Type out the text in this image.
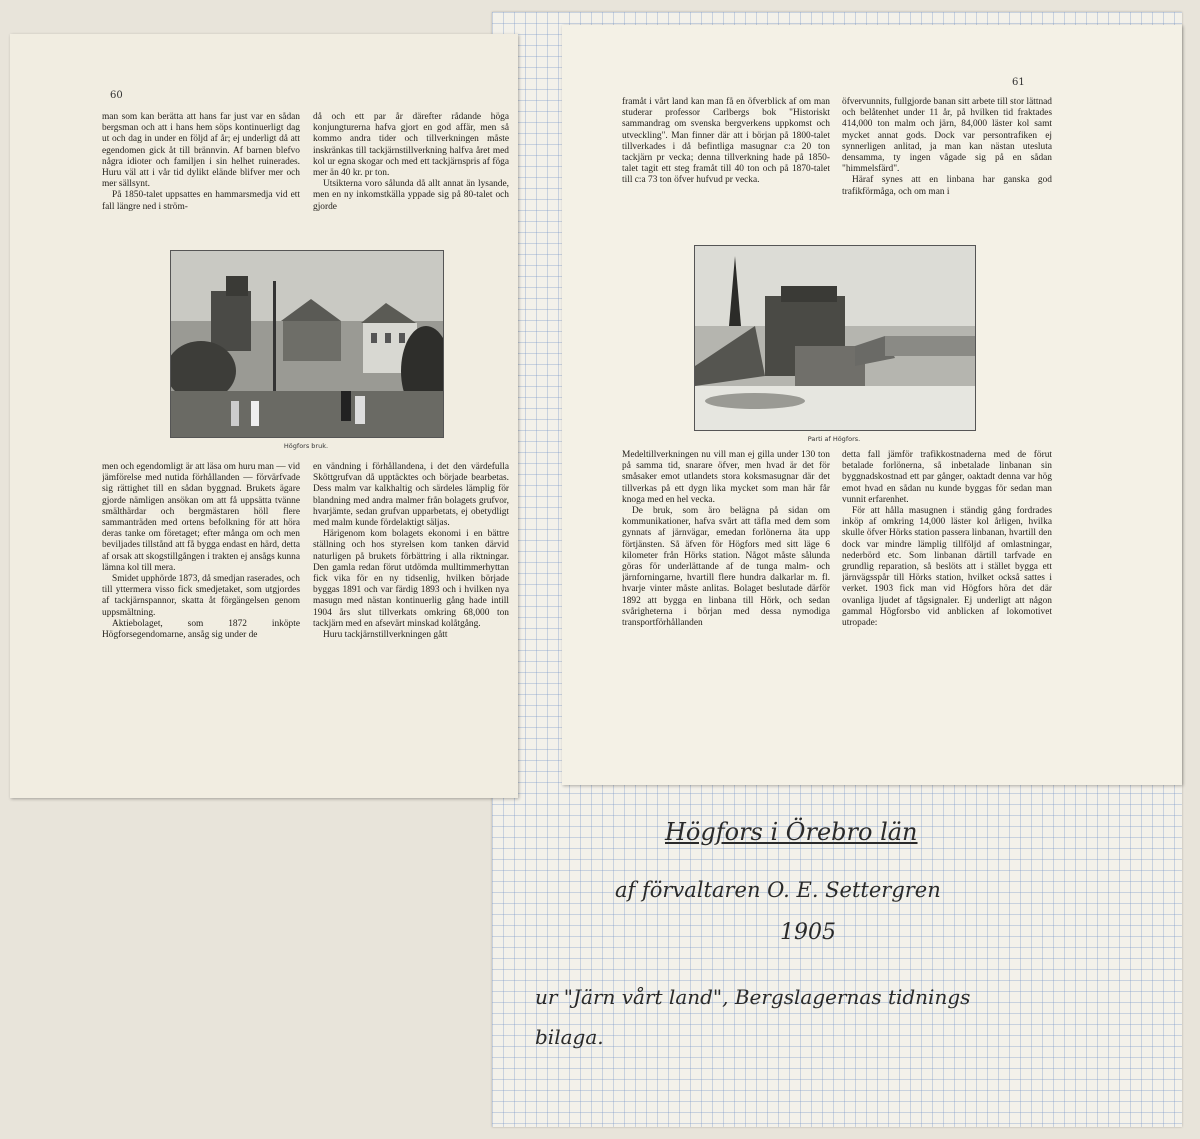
60

man som kan berätta att hans far just var en sådan bergsman och att i hans hem söps kontinuerligt dag ut och dag in under en följd af år; ej underligt då att egendomen gick åt till brännvin. Af barnen blefvo några idioter och familjen i sin helhet ruinerades. Huru väl att i vår tid dylikt elände blifver mer och mer sällsynt.

På 1850-talet uppsattes en hammarsmedja vid ett fall längre ned i ström-

då och ett par år därefter rådande höga konjungturerna hafva gjort en god affär, men så kommo andra tider och tillverkningen måste inskränkas till tackjärnstillverkning halfva året med kol ur egna skogar och med ett tackjärnspris af föga mer än 40 kr. pr ton.

Utsikterna voro sålunda då allt annat än lysande, men en ny inkomstkälla yppade sig på 80-talet och gjorde

Högfors bruk.

men och egendomligt är att läsa om huru man — vid jämförelse med nutida förhållanden — förvärfvade sig rättighet till en sådan byggnad. Brukets ägare gjorde nämligen ansökan om att få uppsätta tvänne smälthärdar och bergmästaren höll flere sammanträden med ortens befolkning för att höra deras tanke om företaget; efter många om och men beviljades tillstånd att få bygga endast en härd, detta af orsak att skogstillgången i trakten ej ansågs kunna lämna kol till mera.

Smidet upphörde 1873, då smedjan raserades, och till yttermera visso fick smedjetaket, som utgjordes af tackjärnspannor, skatta åt förgängelsen genom uppsmältning.

Aktiebolaget, som 1872 inköpte Högforsegendomarne, ansåg sig under de

en vändning i förhållandena, i det den värdefulla Sköttgrufvan då upptäcktes och började bearbetas. Dess malm var kalkhaltig och särdeles lämplig för blandning med andra malmer från bolagets grufvor, hvarjämte, sedan grufvan upparbetats, ej obetydligt med malm kunde fördelaktigt säljas.

Härigenom kom bolagets ekonomi i en bättre ställning och hos styrelsen kom tanken därvid naturligen på brukets förbättring i alla riktningar. Den gamla redan förut utdömda mulltimmerhyttan fick vika för en ny tidsenlig, hvilken började byggas 1891 och var färdig 1893 och i hvilken nya masugn med nästan kontinuerlig gång hade intill 1904 års slut tillverkats omkring 68,000 ton tackjärn med en afsevärt minskad kolåtgång.

Huru tackjärnstillverkningen gått

61

framåt i vårt land kan man få en öfverblick af om man studerar professor Carlbergs bok "Historiskt sammandrag om svenska bergverkens uppkomst och utveckling". Man finner där att i början på 1800-talet tillverkades i då befintliga masugnar c:a 20 ton tackjärn pr vecka; denna tillverkning hade på 1850-talet tagit ett steg framåt till 40 ton och på 1870-talet till c:a 73 ton öfver hufvud pr vecka.

öfvervunnits, fullgjorde banan sitt arbete till stor lättnad och belåtenhet under 11 år, på hvilken tid fraktades 414,000 ton malm och järn, 84,000 läster kol samt mycket annat gods. Dock var persontrafiken ej synnerligen anlitad, ja man kan nästan utesluta densamma, ty ingen vågade sig på en sådan "himmelsfärd".

Häraf synes att en linbana har ganska god trafikförmåga, och om man i

Parti af Högfors.

Medeltillverkningen nu vill man ej gilla under 130 ton på samma tid, snarare öfver, men hvad är det för småsaker emot utlandets stora koksmasugnar där det tillverkas på ett dygn lika mycket som man här får knoga med en hel vecka.

De bruk, som äro belägna på sidan om kommunikationer, hafva svårt att täfla med dem som gynnats af järnvägar, emedan forlönerna äta upp förtjänsten. Så äfven för Högfors med sitt läge 6 kilometer från Hörks station. Något måste sålunda göras för underlättande af de tunga malm- och järnforningarne, hvartill flere hundra dalkarlar m. fl. hvarje vinter måste anlitas. Bolaget beslutade därför 1892 att bygga en linbana till Hörk, och sedan svårigheterna i början med dessa nymodiga transportförhållanden

detta fall jämför trafikkostnaderna med de förut betalade forlönerna, så inbetalade linbanan sin byggnadskostnad ett par gånger, oaktadt denna var hög emot hvad en sådan nu kunde byggas för sedan man vunnit erfarenhet.

För att hålla masugnen i ständig gång fordrades inköp af omkring 14,000 läster kol årligen, hvilka skulle öfver Hörks station passera linbanan, hvartill den dock var mindre lämplig tillföljd af omlastningar, nederbörd etc. Som linbanan därtill tarfvade en grundlig reparation, så beslöts att i stället bygga ett järnvägsspår till Hörks station, hvilket också sattes i verket. 1903 fick man vid Högfors höra det där ovanliga ljudet af tågsignaler. Ej underligt att någon gammal Högforsbo vid anblicken af lokomotivet utropade:

Högfors i Örebro län
af förvaltaren O. E. Settergren
1905
ur "Järn vårt land", Bergslagernas tidnings
bilaga.
